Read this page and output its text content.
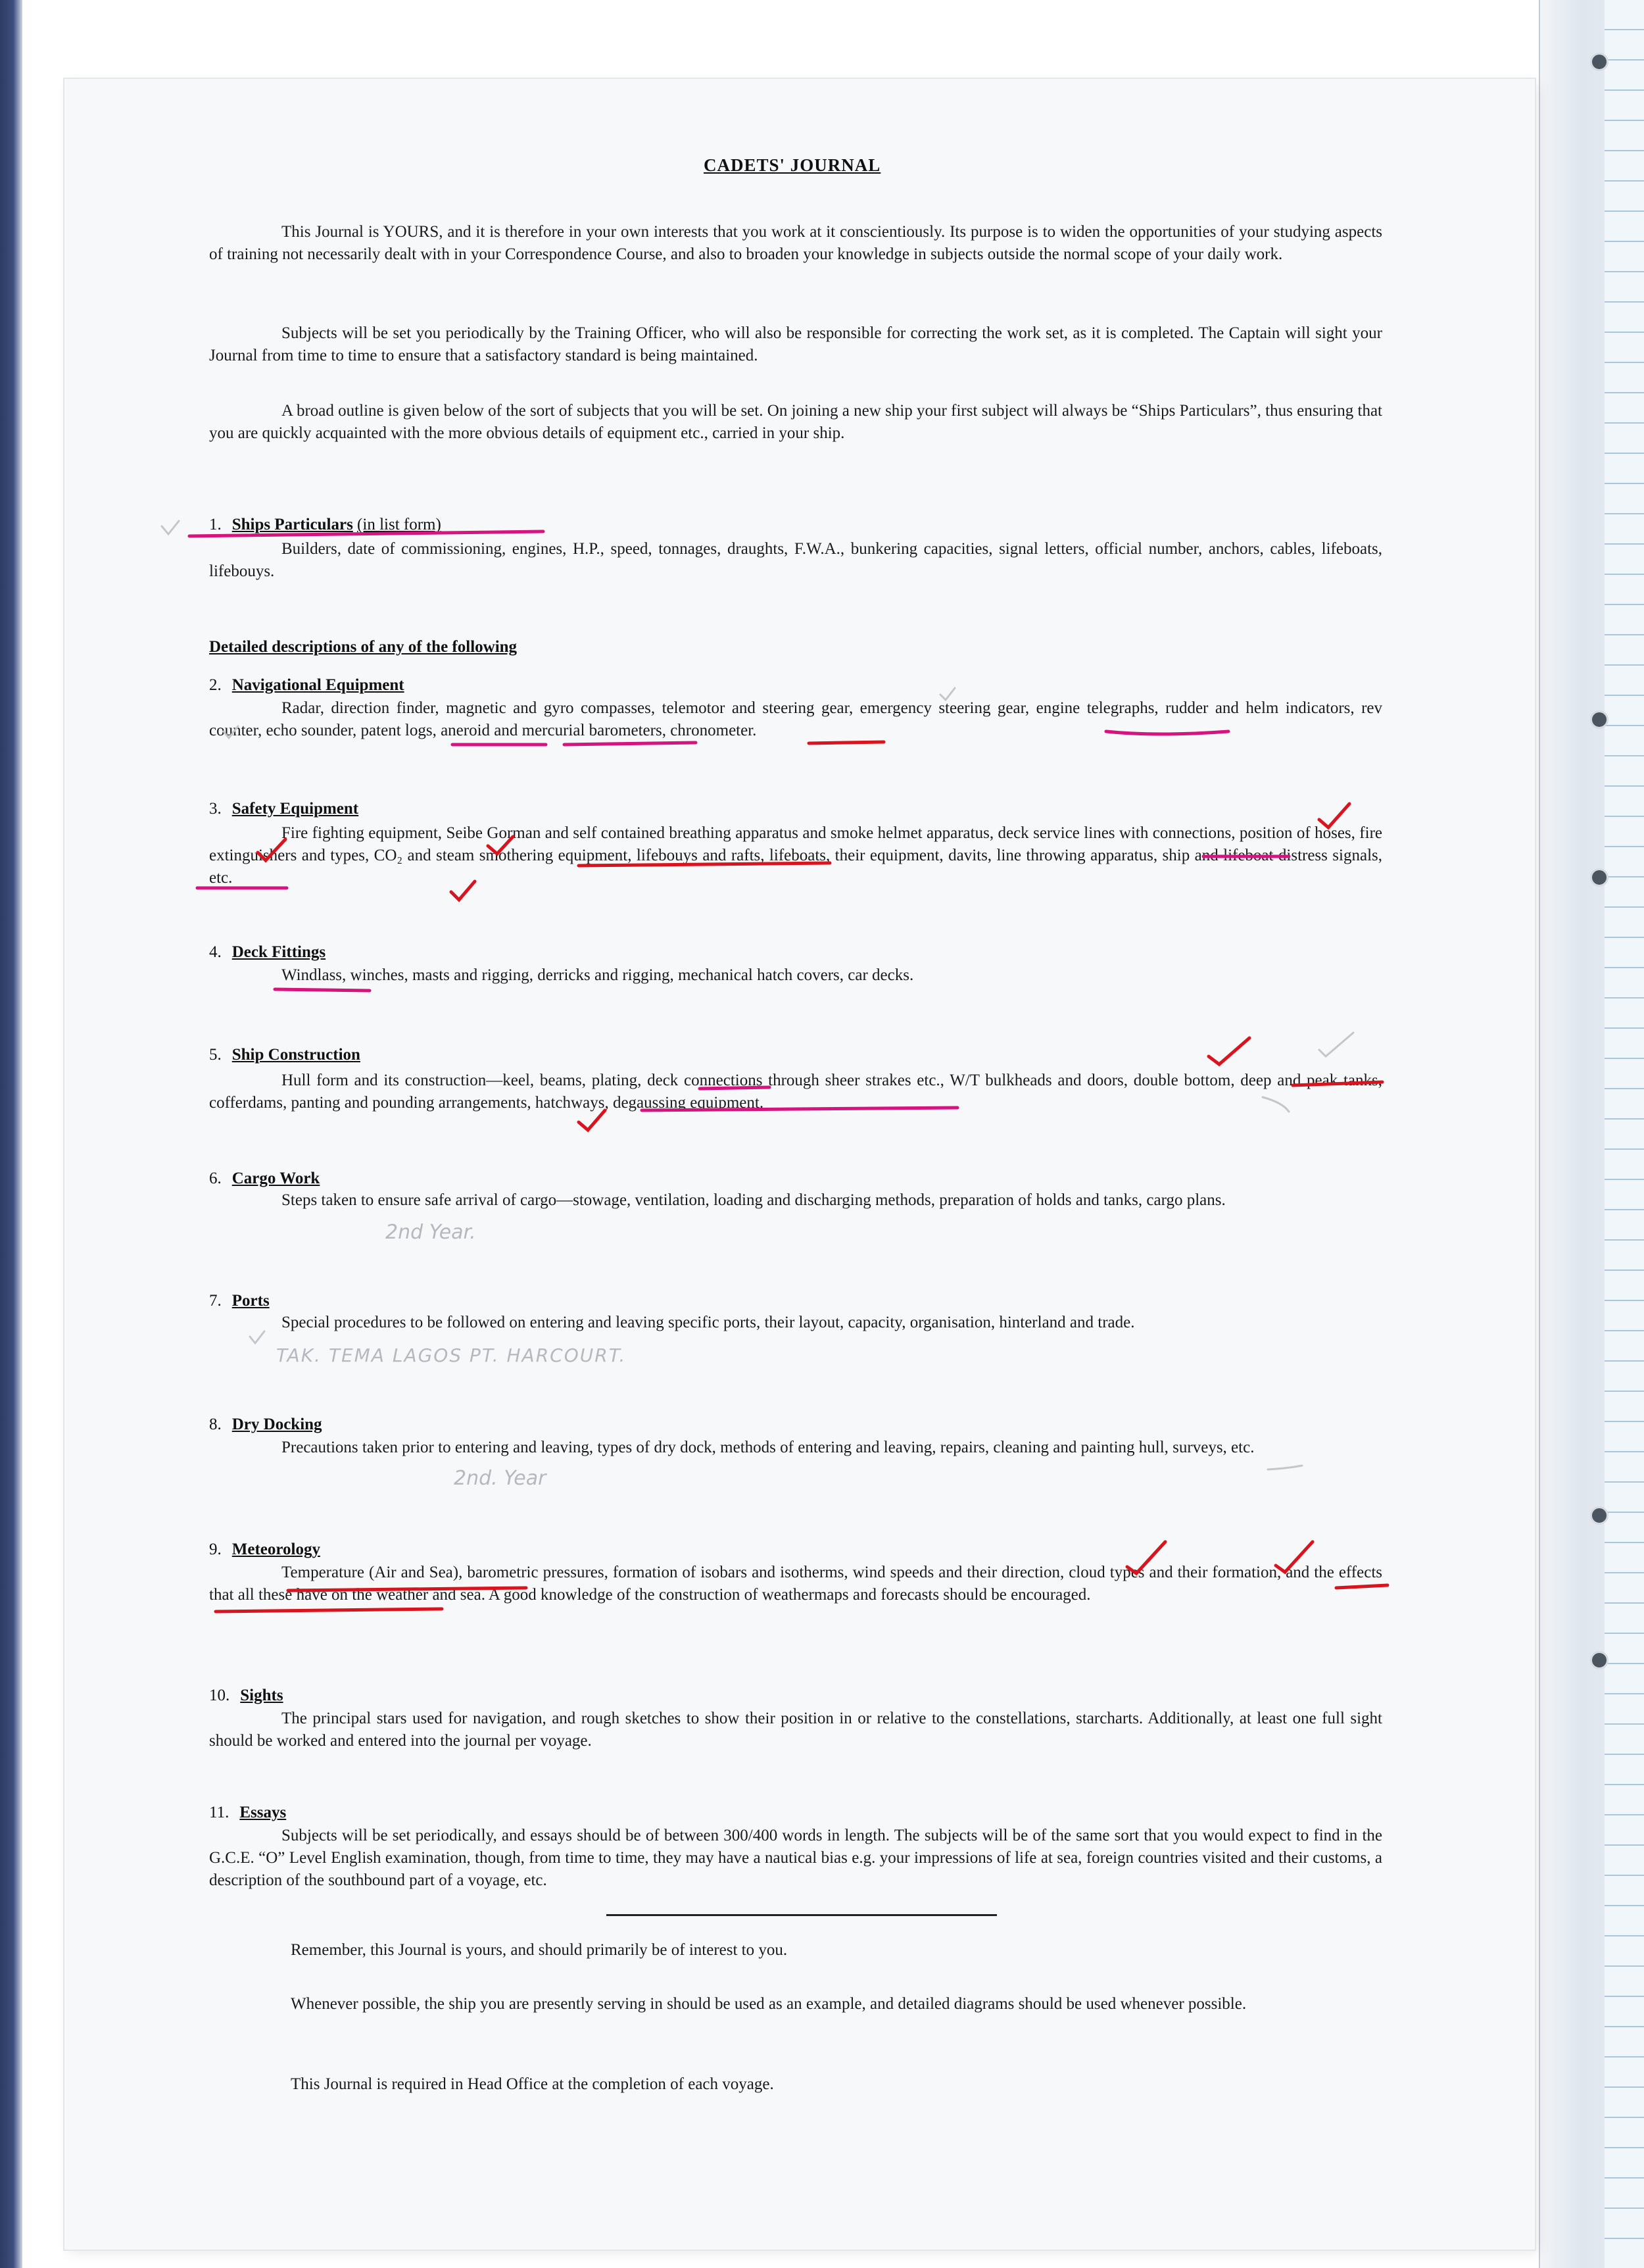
CADETS' JOURNAL

This Journal is YOURS, and it is therefore in your own interests that you work at it conscientiously. Its purpose is to widen the opportunities of your studying aspects of training not necessarily dealt with in your Correspondence Course, and also to broaden your knowledge in subjects outside the normal scope of your daily work.

Subjects will be set you periodically by the Training Officer, who will also be responsible for correcting the work set, as it is completed. The Captain will sight your Journal from time to time to ensure that a satisfactory standard is being maintained.

A broad outline is given below of the sort of subjects that you will be set. On joining a new ship your first subject will always be “Ships Particulars”, thus ensuring that you are quickly acquainted with the more obvious details of equipment etc., carried in your ship.

1. Ships Particulars (in list form)

Builders, date of commissioning, engines, H.P., speed, tonnages, draughts, F.W.A., bunkering capacities, signal letters, official number, anchors, cables, lifeboats, lifebouys.

Detailed descriptions of any of the following
2. Navigational Equipment

Radar, direction finder, magnetic and gyro compasses, telemotor and steering gear, emergency steering gear, engine telegraphs, rudder and helm indicators, rev counter, echo sounder, patent logs, aneroid and mercurial barometers, chronometer.

3. Safety Equipment

Fire fighting equipment, Seibe Gorman and self contained breathing apparatus and smoke helmet apparatus, deck service lines with connections, position of hoses, fire extinguishers and types, CO₂ and steam smothering equipment, lifebouys and rafts, lifeboats, their equipment, davits, line throwing apparatus, ship and lifeboat distress signals, etc.

4. Deck Fittings

Windlass, winches, masts and rigging, derricks and rigging, mechanical hatch covers, car decks.

5. Ship Construction

Hull form and its construction—keel, beams, plating, deck connections through sheer strakes etc., W/T bulkheads and doors, double bottom, deep and peak tanks, cofferdams, panting and pounding arrangements, hatchways, degaussing equipment.

6. Cargo Work

Steps taken to ensure safe arrival of cargo—stowage, ventilation, loading and discharging methods, preparation of holds and tanks, cargo plans.

7. Ports

Special procedures to be followed on entering and leaving specific ports, their layout, capacity, organisation, hinterland and trade.

8. Dry Docking

Precautions taken prior to entering and leaving, types of dry dock, methods of entering and leaving, repairs, cleaning and painting hull, surveys, etc.

9. Meteorology

Temperature (Air and Sea), barometric pressures, formation of isobars and isotherms, wind speeds and their direction, cloud types and their formation, and the effects that all these have on the weather and sea. A good knowledge of the construction of weathermaps and forecasts should be encouraged.

10. Sights

The principal stars used for navigation, and rough sketches to show their position in or relative to the constellations, starcharts. Additionally, at least one full sight should be worked and entered into the journal per voyage.

11. Essays

Subjects will be set periodically, and essays should be of between 300/400 words in length. The subjects will be of the same sort that you would expect to find in the G.C.E. “O” Level English examination, though, from time to time, they may have a nautical bias e.g. your impressions of life at sea, foreign countries visited and their customs, a description of the southbound part of a voyage, etc.

Remember, this Journal is yours, and should primarily be of interest to you.

Whenever possible, the ship you are presently serving in should be used as an example, and detailed diagrams should be used whenever possible.

This Journal is required in Head Office at the completion of each voyage.

2nd Year.
TAK. TEMA LAGOS PT. HARCOURT.
2nd. Year
